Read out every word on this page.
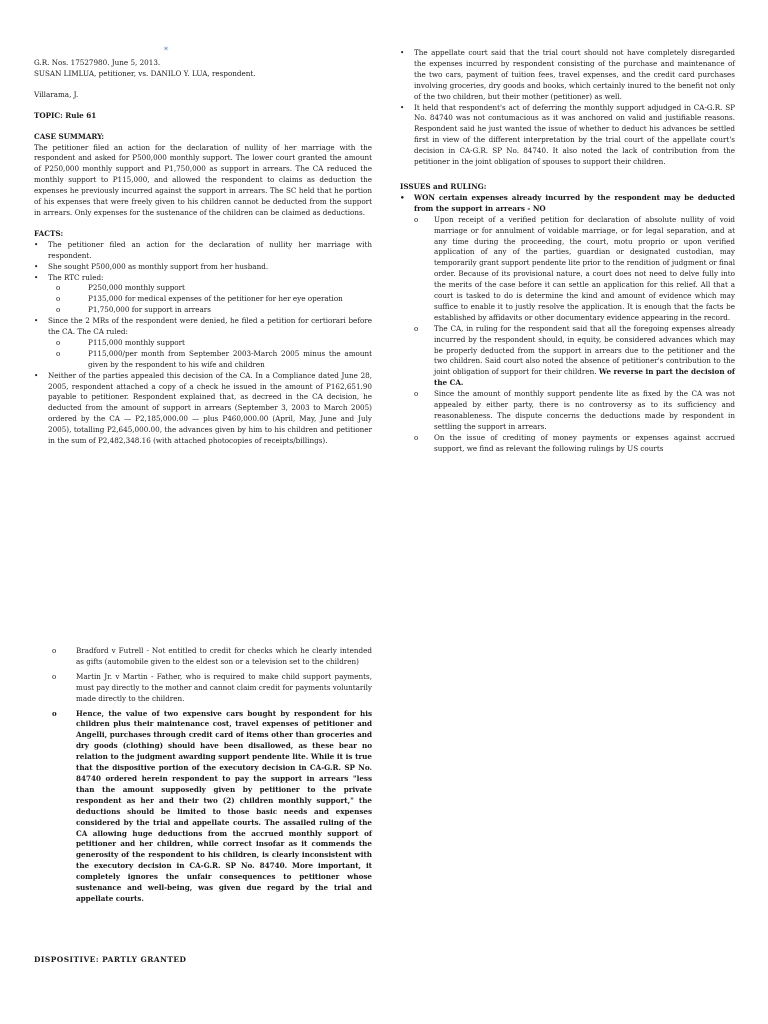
*

G.R. Nos. 17527980. June 5, 2013.

SUSAN LIMLUA, petitioner, vs. DANILO Y. LUA, respondent.

Villarama, J.

TOPIC: Rule 61

CASE SUMMARY:

The petitioner filed an action for the declaration of nullity of her marriage with the respondent and asked for P500,000 monthly support. The lower court granted the amount of P250,000 monthly support and P1,750,000 as support in arrears. The CA reduced the monthly support to P115,000, and allowed the respondent to claims as deduction the expenses he previously incurred against the support in arrears. The SC held that he portion of his expenses that were freely given to his children cannot be deducted from the support in arrears. Only expenses for the sustenance of the children can be claimed as deductions.

FACTS:

• The petitioner filed an action for the declaration of nullity her marriage with respondent.
• She sought P500,000 as monthly support from her husband.
• The RTC ruled:
o P250,000 monthly support
o P135,000 for medical expenses of the petitioner for her eye operation
o P1,750,000 for support in arrears
• Since the 2 MRs of the respondent were denied, he filed a petition for certiorari before the CA. The CA ruled:
o P115,000 monthly support
o P115,000/per month from September 2003-March 2005 minus the amount given by the respondent to his wife and children
• Neither of the parties appealed this decision of the CA. In a Compliance dated June 28, 2005, respondent attached a copy of a check he issued in the amount of P162,651.90 payable to petitioner. Respondent explained that, as decreed in the CA decision, he deducted from the amount of support in arrears (September 3, 2003 to March 2005) ordered by the CA — P2,185,000.00 — plus P460,000.00 (April, May, June and July 2005), totalling P2,645,000.00, the advances given by him to his children and petitioner in the sum of P2,482,348.16 (with attached photocopies of receipts/billings).
• The appellate court said that the trial court should not have completely disregarded the expenses incurred by respondent consisting of the purchase and maintenance of the two cars, payment of tuition fees, travel expenses, and the credit card purchases involving groceries, dry goods and books, which certainly inured to the benefit not only of the two children, but their mother (petitioner) as well.
• It held that respondent's act of deferring the monthly support adjudged in CA-G.R. SP No. 84740 was not contumacious as it was anchored on valid and justifiable reasons. Respondent said he just wanted the issue of whether to deduct his advances be settled first in view of the different interpretation by the trial court of the appellate court's decision in CA-G.R. SP No. 84740. It also noted the lack of contribution from the petitioner in the joint obligation of spouses to support their children.

ISSUES and RULING:

• WON certain expenses already incurred by the respondent may be deducted from the support in arrears - NO
o Upon receipt of a verified petition for declaration of absolute nullity of void marriage or for annulment of voidable marriage, or for legal separation, and at any time during the proceeding, the court, motu proprio or upon verified application of any of the parties, guardian or designated custodian, may temporarily grant support pendente lite prior to the rendition of judgment or final order. Because of its provisional nature, a court does not need to delve fully into the merits of the case before it can settle an application for this relief. All that a court is tasked to do is determine the kind and amount of evidence which may suffice to enable it to justly resolve the application. It is enough that the facts be established by affidavits or other documentary evidence appearing in the record.
o The CA, in ruling for the respondent said that all the foregoing expenses already incurred by the respondent should, in equity, be considered advances which may be properly deducted from the support in arrears due to the petitioner and the two children. Said court also noted the absence of petitioner's contribution to the joint obligation of support for their children. We reverse in part the decision of the CA.
o Since the amount of monthly support pendente lite as fixed by the CA was not appealed by either party, there is no controversy as to its sufficiency and reasonableness. The dispute concerns the deductions made by respondent in settling the support in arrears.
o On the issue of crediting of money payments or expenses against accrued support, we find as relevant the following rulings by US courts
o Bradford v Futrell - Not entitled to credit for checks which he clearly intended as gifts (automobile given to the eldest son or a television set to the children)
o Martin Jr. v Martin - Father, who is required to make child support payments, must pay directly to the mother and cannot claim credit for payments voluntarily made directly to the children.
o Hence, the value of two expensive cars bought by respondent for his children plus their maintenance cost, travel expenses of petitioner and Angelli, purchases through credit card of items other than groceries and dry goods (clothing) should have been disallowed, as these bear no relation to the judgment awarding support pendente lite. While it is true that the dispositive portion of the executory decision in CA-G.R. SP No. 84740 ordered herein respondent to pay the support in arrears "less than the amount supposedly given by petitioner to the private respondent as her and their two (2) children monthly support," the deductions should be limited to those basic needs and expenses considered by the trial and appellate courts. The assailed ruling of the CA allowing huge deductions from the accrued monthly support of petitioner and her children, while correct insofar as it commends the generosity of the respondent to his children, is clearly inconsistent with the executory decision in CA-G.R. SP No. 84740. More important, it completely ignores the unfair consequences to petitioner whose sustenance and well-being, was given due regard by the trial and appellate courts.
DISPOSITIVE: PARTLY GRANTED
